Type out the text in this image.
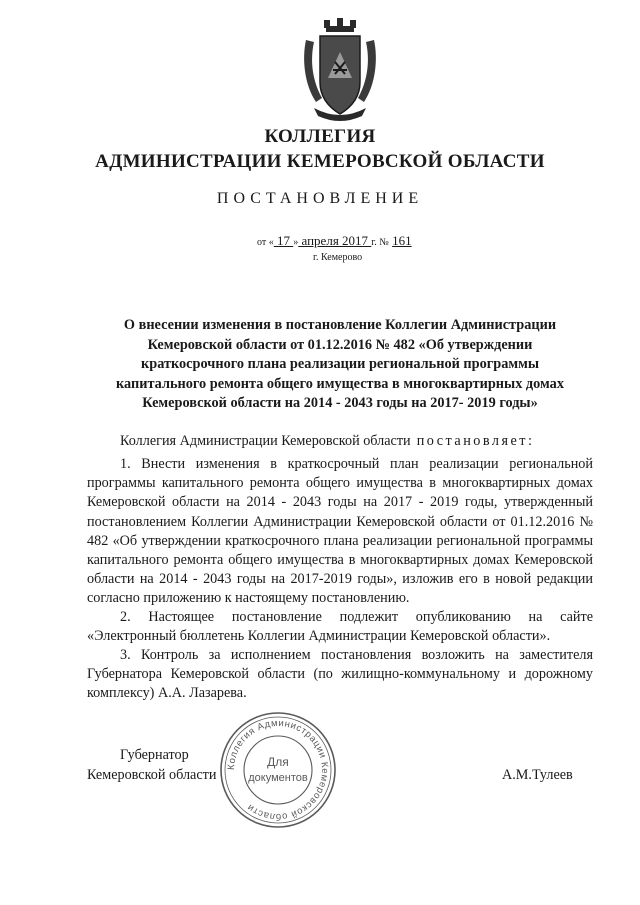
КОЛЛЕГИЯ
АДМИНИСТРАЦИИ КЕМЕРОВСКОЙ ОБЛАСТИ
ПОСТАНОВЛЕНИЕ
от « 17 » апреля 2017 г. № 161
г. Кемерово
О внесении изменения в постановление Коллегии Администрации Кемеровской области от 01.12.2016 № 482 «Об утверждении краткосрочного плана реализации региональной программы капитального ремонта общего имущества в многоквартирных домах Кемеровской области на 2014 - 2043 годы на 2017- 2019 годы»

Коллегия Администрации Кемеровской области постановляет:

1. Внести изменения в краткосрочный план реализации региональной программы капитального ремонта общего имущества в многоквартирных домах Кемеровской области на 2014 - 2043 годы на 2017 - 2019 годы, утвержденный постановлением Коллегии Администрации Кемеровской области от 01.12.2016 № 482 «Об утверждении краткосрочного плана реализации региональной программы капитального ремонта общего имущества в многоквартирных домах Кемеровской области на 2014 - 2043 годы на 2017-2019 годы», изложив его в новой редакции согласно приложению к настоящему постановлению.

2. Настоящее постановление подлежит опубликованию на сайте «Электронный бюллетень Коллегии Администрации Кемеровской области».

3. Контроль за исполнением постановления возложить на заместителя Губернатора Кемеровской области (по жилищно-коммунальному и дорожному комплексу) А.А. Лазарева.

Губернатор
Кемеровской области	А.М.Тулеев
Коллегия Администрации Кемеровской области
Для
документов
